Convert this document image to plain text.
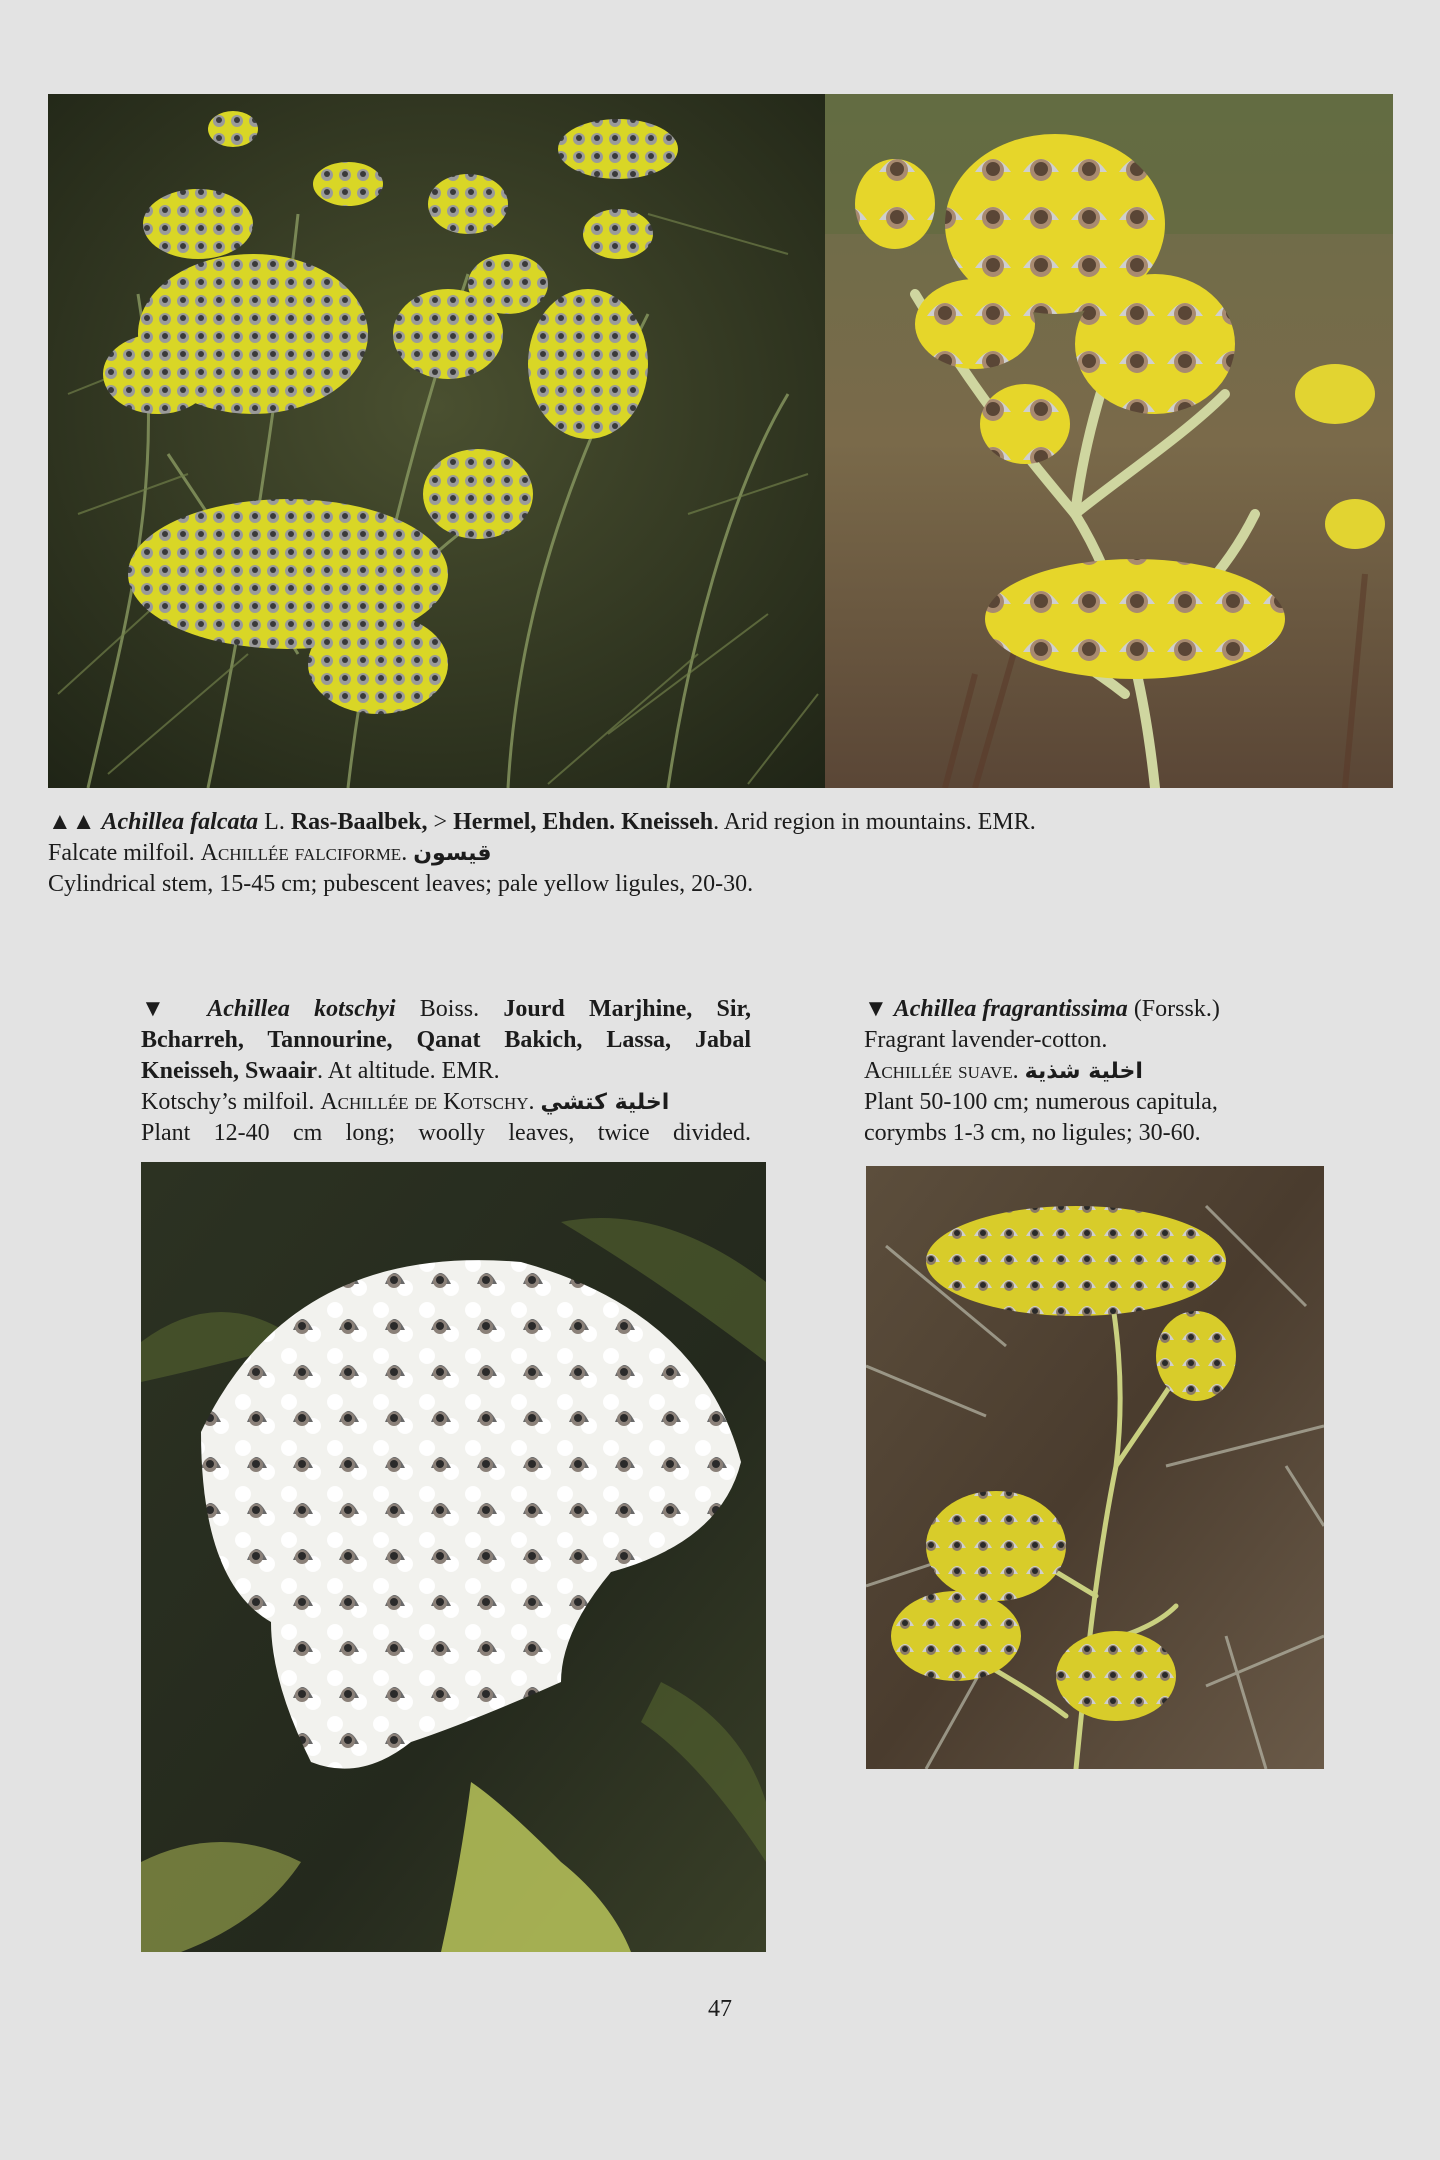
▲▲ Achillea falcata L. Ras-Baalbek, > Hermel, Ehden. Kneisseh. Arid region in mountains. EMR.

Falcate milfoil. Achillée falciforme. قيسون

Cylindrical stem, 15-45 cm; pubescent leaves; pale yellow ligules, 20-30.

▼ Achillea kotschyi Boiss. Jourd Marjhine, Sir,

Bcharreh, Tannourine, Qanat Bakich, Lassa, Jabal

Kneisseh, Swaair. At altitude. EMR.

Kotschy’s milfoil. Achillée de Kotschy. اخلية كتشي

Plant 12-40 cm long; woolly leaves, twice divided.

▼ Achillea fragrantissima (Forssk.)

Fragrant lavender-cotton.

Achillée suave. اخلية شذية

Plant 50-100 cm; numerous capitula,

corymbs 1-3 cm, no ligules; 30-60.

47
